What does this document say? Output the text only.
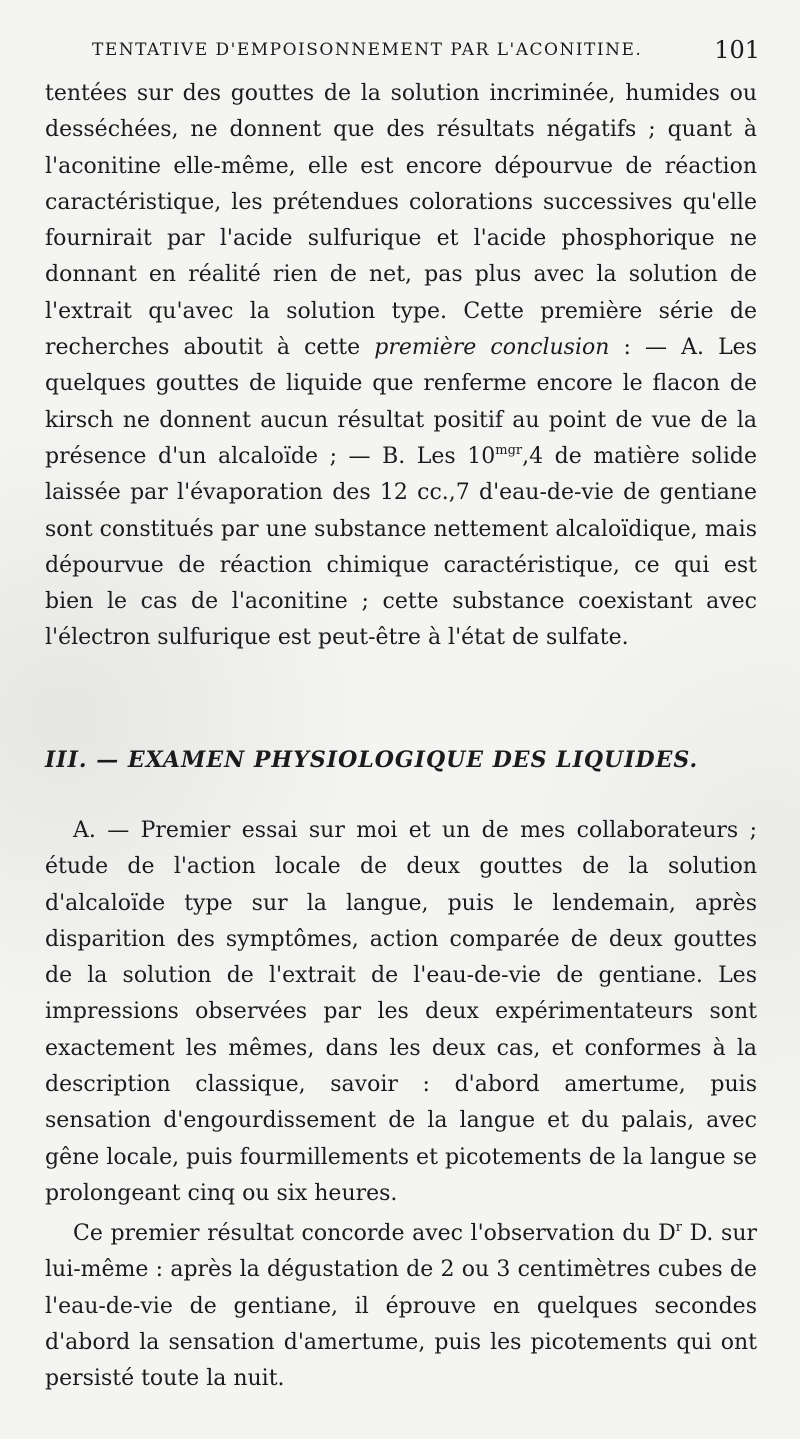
TENTATIVE D'EMPOISONNEMENT PAR L'ACONITINE.	101
tentées sur des gouttes de la solution incriminée, humides ou desséchées, ne donnent que des résultats négatifs ; quant à l'aconitine elle-même, elle est encore dépourvue de réaction caractéristique, les prétendues colorations successives qu'elle fournirait par l'acide sulfurique et l'acide phosphorique ne donnant en réalité rien de net, pas plus avec la solution de l'extrait qu'avec la solution type. Cette première série de recherches aboutit à cette première conclusion : — A. Les quelques gouttes de liquide que renferme encore le flacon de kirsch ne donnent aucun résultat positif au point de vue de la présence d'un alcaloïde ; — B. Les $10^{mgr},4$ de matière solide laissée par l'évaporation des 12 cc.,7 d'eau-de-vie de gentiane sont constitués par une substance nettement alcaloïdique, mais dépourvue de réaction chimique caractéristique, ce qui est bien le cas de l'aconitine ; cette substance coexistant avec l'électron sulfurique est peut-être à l'état de sulfate.
III. — EXAMEN PHYSIOLOGIQUE DES LIQUIDES.
A. — Premier essai sur moi et un de mes collaborateurs ; étude de l'action locale de deux gouttes de la solution d'alcaloïde type sur la langue, puis le lendemain, après disparition des symptômes, action comparée de deux gouttes de la solution de l'extrait de l'eau-de-vie de gentiane. Les impressions observées par les deux expérimentateurs sont exactement les mêmes, dans les deux cas, et conformes à la description classique, savoir : d'abord amertume, puis sensation d'engourdissement de la langue et du palais, avec gêne locale, puis fourmillements et picotements de la langue se prolongeant cinq ou six heures.
Ce premier résultat concorde avec l'observation du $D^r$ D. sur lui-même : après la dégustation de 2 ou 3 centimètres cubes de l'eau-de-vie de gentiane, il éprouve en quelques secondes d'abord la sensation d'amertume, puis les picotements qui ont persisté toute la nuit.
